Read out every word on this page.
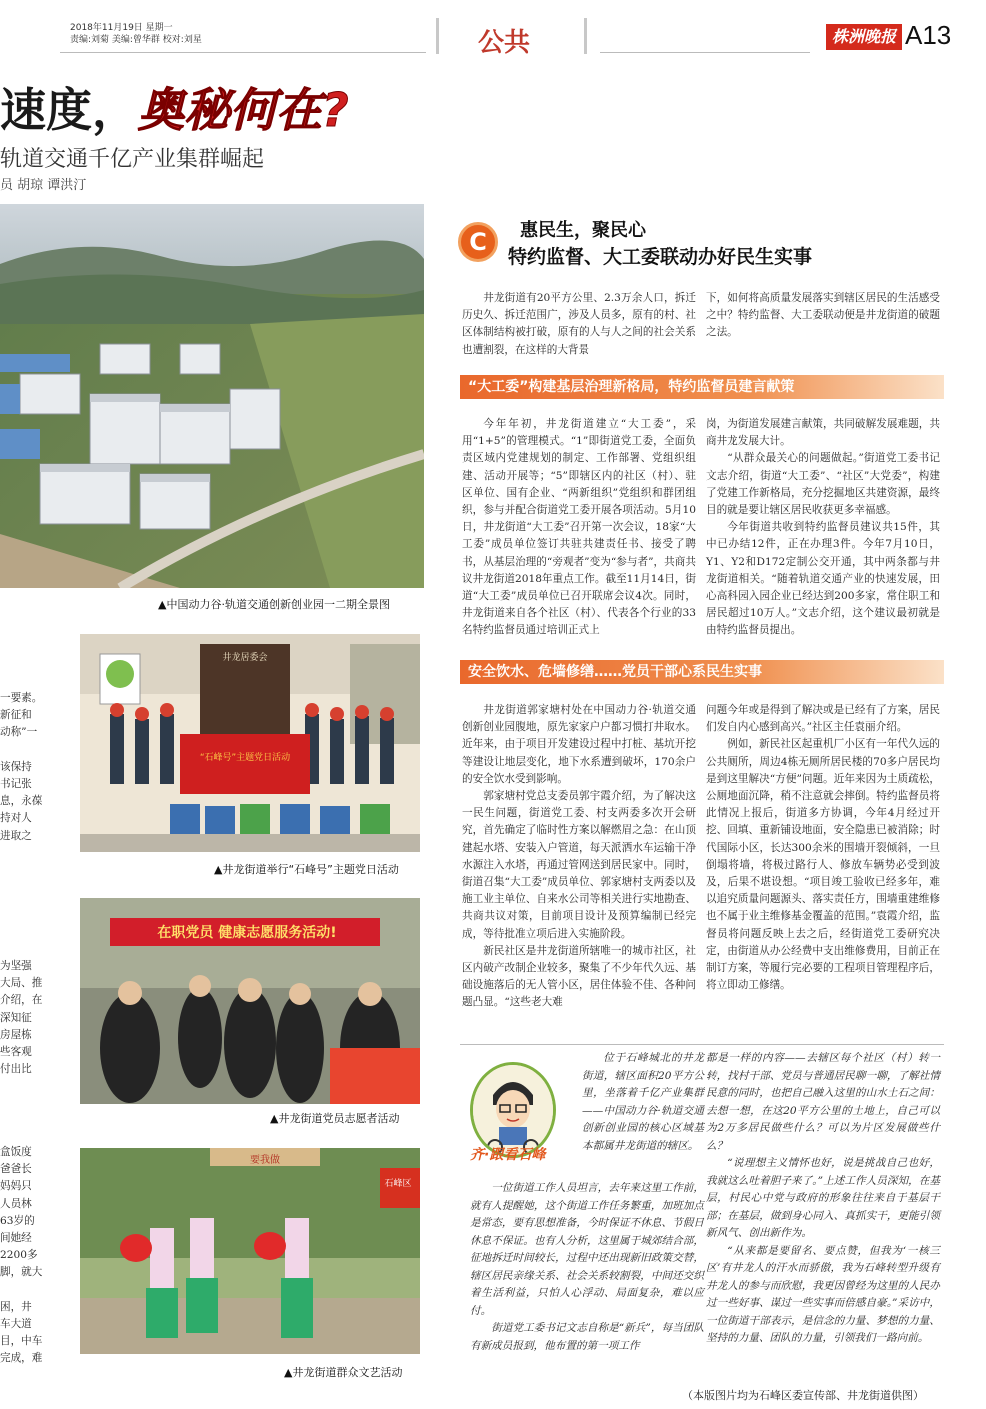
2018年11月19日 星期一
责编:刘菊 美编:曾华群 校对:刘星	公共	株洲晚报 A13
速度，奥秘何在?
轨道交通千亿产业集群崛起
员 胡琼 谭洪汀
▲中国动力谷·轨道交通创新创业园一二期全景图
一要素。
新征和
动称”一

该保持
书记张
息，永葆
持对人
进取之
为坚强
大局、推
介绍，在
深知征
房屋栋
些客观
付出比
盒饭度
爸爸长
妈妈只
人员林
63岁的
间她经
2200多
脚，就大

困，井
车大道
目，中车
完成，难
“石峰号”主题党日活动
井龙居委会
▲井龙街道举行“石峰号”主题党日活动
在职党员 健康志愿服务活动!
▲井龙街道党员志愿者活动
要我做
石峰区
▲井龙街道群众文艺活动
C	惠民生，聚民心
特约监督、大工委联动办好民生实事

井龙街道有20平方公里、2.3万余人口，拆迁历史久、拆迁范围广，涉及人员多，原有的村、社区体制结构被打破，原有的人与人之间的社会关系也遭割裂，在这样的大背景

下，如何将高质量发展落实到辖区居民的生活感受之中？特约监督、大工委联动便是井龙街道的破题之法。

“大工委”构建基层治理新格局，特约监督员建言献策

今年年初，井龙街道建立“大工委”，采用“1+5”的管理模式。“1”即街道党工委，全面负责区域内党建规划的制定、工作部署、党组织组建、活动开展等；“5”即辖区内的社区（村）、驻区单位、国有企业、“两新组织”党组织和群团组织，参与并配合街道党工委开展各项活动。5月10日，井龙街道“大工委”召开第一次会议，18家“大工委”成员单位签订共驻共建责任书、接受了聘书，从基层治理的“旁观者”变为“参与者”，共商共议井龙街道2018年重点工作。截至11月14日，街道“大工委”成员单位已召开联席会议4次。同时，井龙街道来自各个社区（村）、代表各个行业的33名特约监督员通过培训正式上

岗，为街道发展建言献策，共同破解发展难题，共商井龙发展大计。

“从群众最关心的问题做起。”街道党工委书记文志介绍，街道“大工委”、“社区”大党委”，构建了党建工作新格局，充分挖掘地区共建资源，最终目的就是要让辖区居民收获更多幸福感。

今年街道共收到特约监督员建议共15件，其中已办结12件，正在办理3件。今年7月10日，Y1、Y2和D172定制公交开通，其中两条都与井龙街道相关。“随着轨道交通产业的快速发展，田心高科园入园企业已经达到200多家，常住职工和居民超过10万人。”文志介绍，这个建议最初就是由特约监督员提出。

安全饮水、危墙修缮……党员干部心系民生实事

井龙街道郭家塘村处在中国动力谷·轨道交通创新创业园腹地，原先家家户户都习惯打井取水。近年来，由于项目开发建设过程中打桩、基坑开挖等建设让地层变化，地下水系遭到破坏，170余户的安全饮水受到影响。

郭家塘村党总支委员郭宇霞介绍，为了解决这一民生问题，街道党工委、村支两委多次开会研究，首先确定了临时性方案以解燃眉之急：在山顶建起水塔、安装入户管道，每天派洒水车运输干净水源注入水塔，再通过管网送到居民家中。同时，街道召集“大工委”成员单位、郭家塘村支两委以及施工业主单位、自来水公司等相关进行实地勘查、共商共议对策，目前项目设计及预算编制已经完成，等待批准立项后进入实施阶段。

新民社区是井龙街道所辖唯一的城市社区，社区内破产改制企业较多，聚集了不少年代久远、基础设施落后的无人管小区，居住体验不佳、各种问题凸显。“这些老大难

问题今年或是得到了解决或是已经有了方案，居民们发自内心感到高兴。”社区主任袁丽介绍。

例如，新民社区起重机厂小区有一年代久远的公共厕所，周边4栋无厕所居民楼的70多户居民均是到这里解决“方便”问题。近年来因为土质疏松，公厕地面沉降，稍不注意就会摔倒。特约监督员将此情况上报后，街道多方协调，今年4月经过开挖、回填、重新铺设地面，安全隐患已被消除；时代国际小区，长达300余米的围墙开裂倾斜，一旦倒塌将墙，将极过路行人、修放车辆势必受到波及，后果不堪设想。“项目竣工验收已经多年，难以追究质量问题源头、落实责任方，围墙重建维修也不属于业主维修基金覆盖的范围。”袁霞介绍，监督员将问题反映上去之后，经街道党工委研究决定，由街道从办公经费中支出维修费用，目前正在制订方案，等履行完必要的工程项目管理程序后，将立即动工修缮。

齐·跟看石峰

位于石峰城北的井龙街道，辖区面积20平方公里，坐落着千亿产业集群——中国动力谷·轨道交通创新创业园的核心区域基本都属井龙街道的辖区。

一位街道工作人员坦言，去年来这里工作前，就有人提醒她，这个街道工作任务繁重，加班加点是常态，要有思想准备，今时保证不休息、节假日休息不保证。也有人分析，这里属于城郊结合部，征地拆迁时间较长，过程中还出现新旧政策交替，辖区居民亲缘关系、社会关系较割裂，中间还交织着生活利益，只怕人心浮动、局面复杂，难以应付。

街道党工委书记文志自称是“新兵”，每当团队有新成员报到，他布置的第一项工作

都是一样的内容——去辖区每个社区（村）转一转，找村干部、党员与普通居民聊一聊，了解社情民意的同时，也把自己融入这里的山水土石之间：去想一想，在这20平方公里的土地上，自己可以为2万多居民做些什么？可以为片区发展做些什么？

“说理想主义情怀也好，说是挑战自己也好，我就这么吐着胆子来了。”上述工作人员深知，在基层，村民心中党与政府的形象往往来自于基层干部；在基层，做到身心同入、真抓实干，更能引领新风气、创出新作为。

“从来都是要留名、要点赞，但我为‘一核三区’有井龙人的汗水而骄傲，我为石峰转型升级有井龙人的参与而欣慰，我更因曾经为这里的人民办过一些好事、谋过一些实事而倍感自豪。”采访中，一位街道干部表示，是信念的力量、梦想的力量、坚持的力量、团队的力量，引领我们一路向前。

（本版图片均为石峰区委宣传部、井龙街道供图）
